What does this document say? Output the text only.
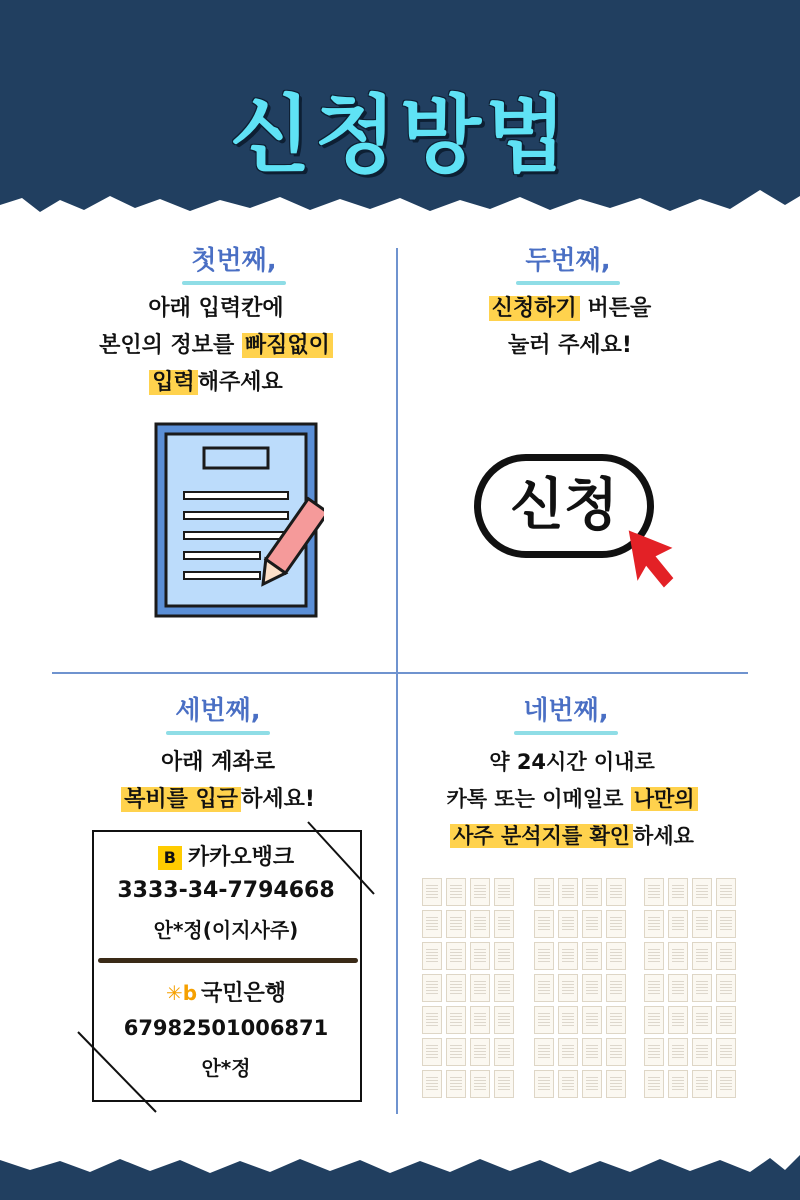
신청방법
첫번째,
아래 입력칸에
본인의 정보를 빠짐없이
입력 해주세요
두번째,
신청하기 버튼을
눌러 주세요!
신청
세번째,
아래 계좌로
복비를 입금 하세요!
B 카카오뱅크
3333-34-7794668
안*정(이지사주)
✳b 국민은행
67982501006871
안*정
네번째,
약 24시간 이내로
카톡 또는 이메일로 나만의
사주 분석지를 확인 하세요
